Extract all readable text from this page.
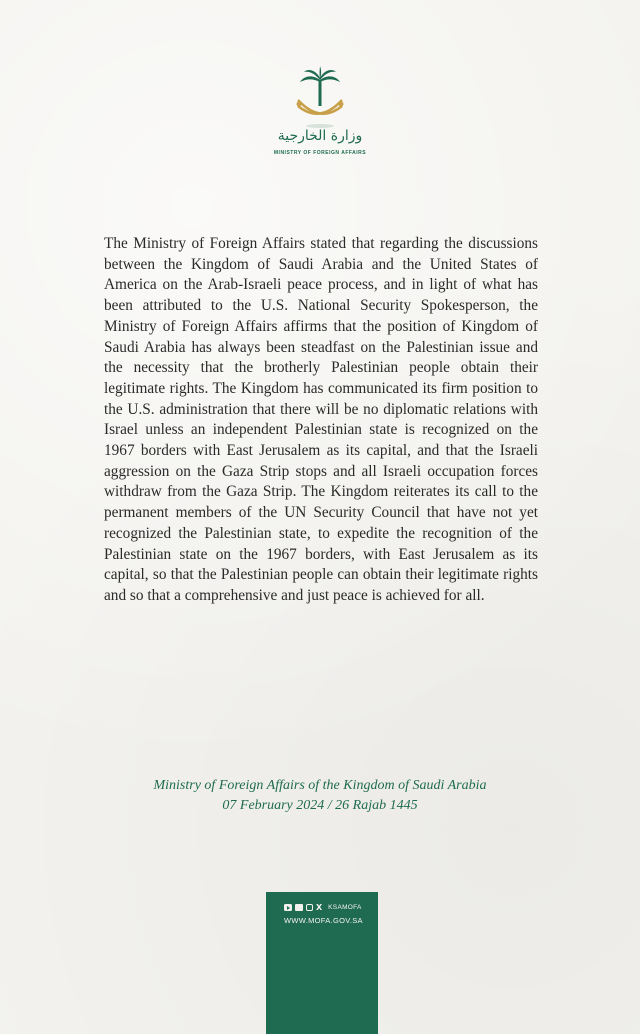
وزارة الخارجية
MINISTRY OF FOREIGN AFFAIRS

The Ministry of Foreign Affairs stated that regarding the discussions between the Kingdom of Saudi Arabia and the United States of America on the Arab-Israeli peace process, and in light of what has been attributed to the U.S. National Security Spokesperson, the Ministry of Foreign Affairs affirms that the position of Kingdom of Saudi Arabia has always been steadfast on the Palestinian issue and the necessity that the brotherly Palestinian people obtain their legitimate rights. The Kingdom has communicated its firm position to the U.S. administration that there will be no diplomatic relations with Israel unless an independent Palestinian state is recognized on the 1967 borders with East Jerusalem as its capital, and that the Israeli aggression on the Gaza Strip stops and all Israeli occupation forces withdraw from the Gaza Strip. The Kingdom reiterates its call to the permanent members of the UN Security Council that have not yet recognized the Palestinian state, to expedite the recognition of the Palestinian state on the 1967 borders, with East Jerusalem as its capital, so that the Palestinian people can obtain their legitimate rights and so that a comprehensive and just peace is achieved for all.

Ministry of Foreign Affairs of the Kingdom of Saudi Arabia
07 February 2024 / 26 Rajab 1445
X KSAMOFA
WWW.MOFA.GOV.SA
